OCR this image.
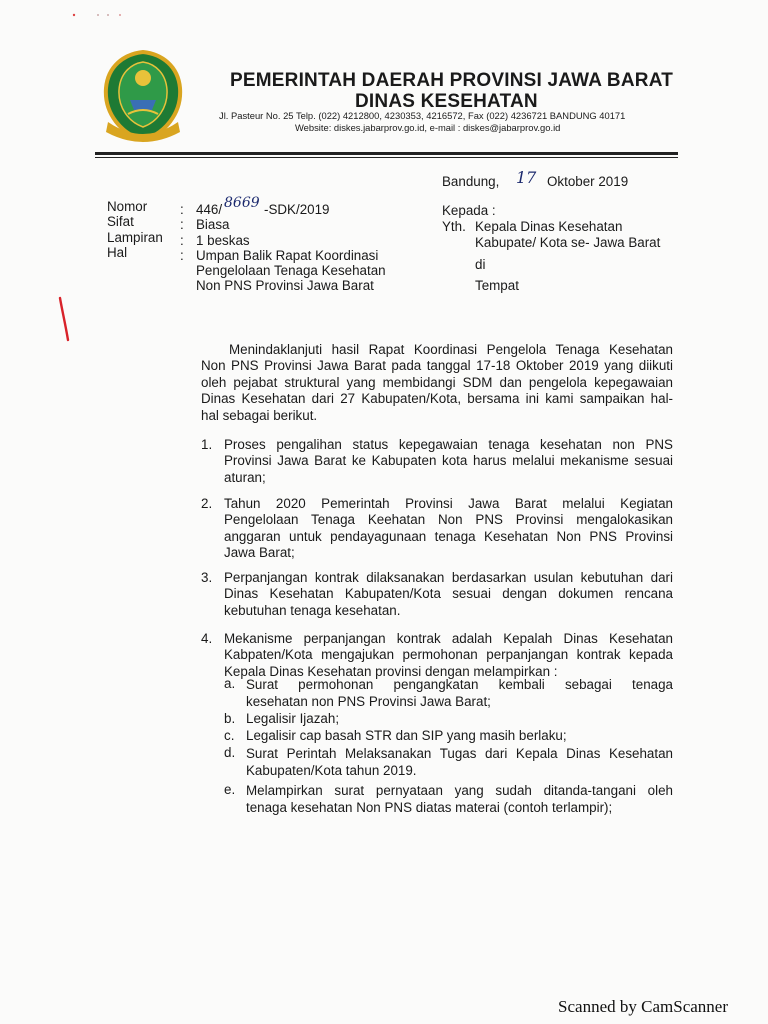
PEMERINTAH DAERAH PROVINSI JAWA BARAT
DINAS KESEHATAN
Jl. Pasteur No. 25 Telp. (022) 4212800, 4230353, 4216572, Fax (022) 4236721 BANDUNG 40171
Website: diskes.jabarprov.go.id, e-mail : diskes@jabarprov.go.id
Bandung, 17 Oktober 2019
Nomor : 446/ 8669 -SDK/2019
Sifat	: Biasa
Lampiran : 1 beskas
Hal	: Umpan Balik Rapat Koordinasi
Pengelolaan Tenaga Kesehatan
Non PNS Provinsi Jawa Barat
Kepada :
Yth. Kepala Dinas Kesehatan
Kabupate/ Kota se- Jawa Barat
di
Tempat
Menindaklanjuti hasil Rapat Koordinasi Pengelola Tenaga Kesehatan
Non PNS Provinsi Jawa Barat pada tanggal 17-18 Oktober 2019 yang diikuti
oleh pejabat struktural yang membidangi SDM dan pengelola kepegawaian
Dinas Kesehatan dari 27 Kabupaten/Kota, bersama ini kami sampaikan hal-
hal sebagai berikut.
1. Proses pengalihan status kepegawaian tenaga kesehatan non PNS
Provinsi Jawa Barat ke Kabupaten kota harus melalui mekanisme sesuai
aturan;
2. Tahun 2020 Pemerintah Provinsi Jawa Barat melalui Kegiatan
Pengelolaan Tenaga Keehatan Non PNS Provinsi mengalokasikan
anggaran untuk pendayagunaan tenaga Kesehatan Non PNS Provinsi
Jawa Barat;
3. Perpanjangan kontrak dilaksanakan berdasarkan usulan kebutuhan dari
Dinas Kesehatan Kabupaten/Kota sesuai dengan dokumen rencana
kebutuhan tenaga kesehatan.
4. Mekanisme perpanjangan kontrak adalah Kepalah Dinas Kesehatan
Kabpaten/Kota mengajukan permohonan perpanjangan kontrak kepada
Kepala Dinas Kesehatan provinsi dengan melampirkan :
a. Surat permohonan pengangkatan kembali sebagai tenaga
kesehatan non PNS Provinsi Jawa Barat;
b. Legalisir Ijazah;
c. Legalisir cap basah STR dan SIP yang masih berlaku;
d. Surat Perintah Melaksanakan Tugas dari Kepala Dinas Kesehatan
Kabupaten/Kota tahun 2019.
e. Melampirkan surat pernyataan yang sudah ditanda-tangani oleh
tenaga kesehatan Non PNS diatas materai (contoh terlampir);
Scanned by CamScanner
